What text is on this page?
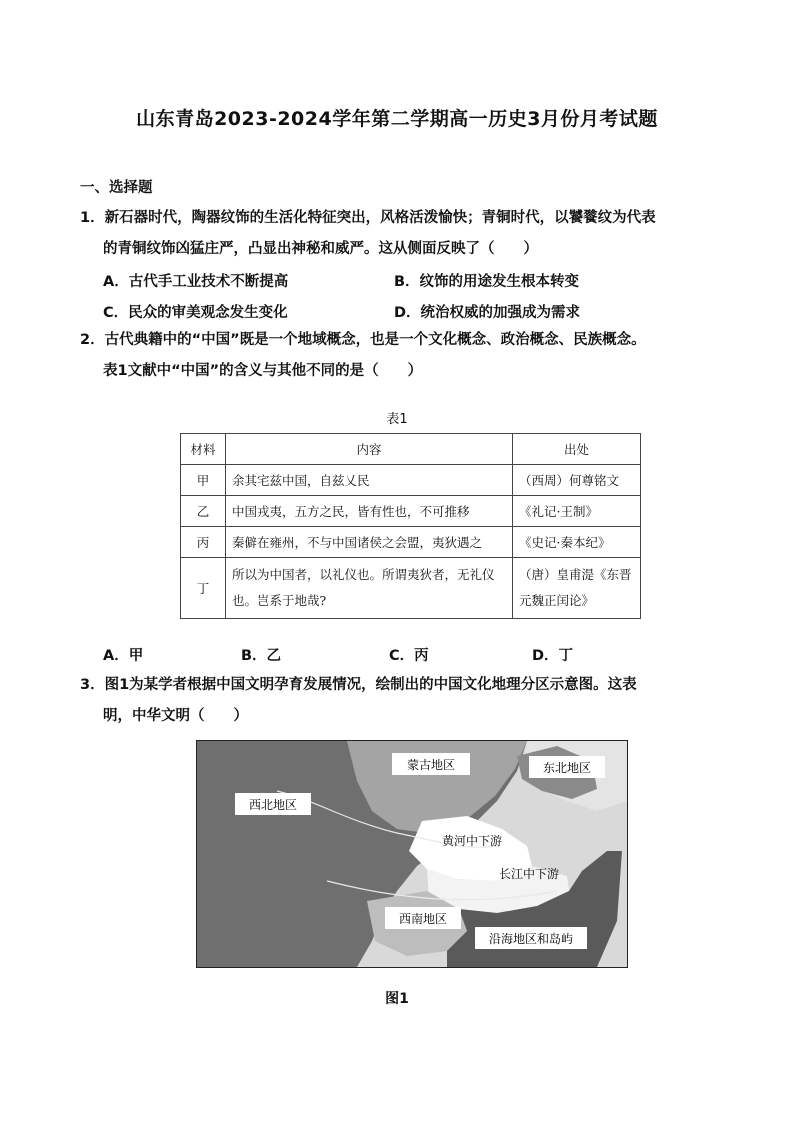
山东青岛2023-2024学年第二学期高一历史3月份月考试题
一、选择题
1．新石器时代，陶器纹饰的生活化特征突出，风格活泼愉快；青铜时代，以饕餮纹为代表
的青铜纹饰凶猛庄严，凸显出神秘和威严。这从侧面反映了（　　）
A．古代手工业技术不断提高	B．纹饰的用途发生根本转变
C．民众的审美观念发生变化	D．统治权威的加强成为需求
2．古代典籍中的“中国”既是一个地域概念，也是一个文化概念、政治概念、民族概念。
表1文献中“中国”的含义与其他不同的是（　　）
表1
材料	内容	出处
甲	余其宅兹中国，自兹乂民	（西周）何尊铭文
乙	中国戎夷，五方之民，皆有性也，不可推移	《礼记·王制》
丙	秦僻在雍州，不与中国诸侯之会盟，夷狄遇之	《史记·秦本纪》
丁	所以为中国者，以礼仪也。所谓夷狄者，无礼仪也。岂系于地哉?	（唐）皇甫湜《东晋元魏正闰论》
A．甲	B．乙	C．丙	D．丁
3．图1为某学者根据中国文明孕育发展情况，绘制出的中国文化地理分区示意图。这表
明，中华文明（　　）
蒙古地区	东北地区
西北地区
黄河中下游
长江中下游
西南地区
沿海地区和岛屿
图1
